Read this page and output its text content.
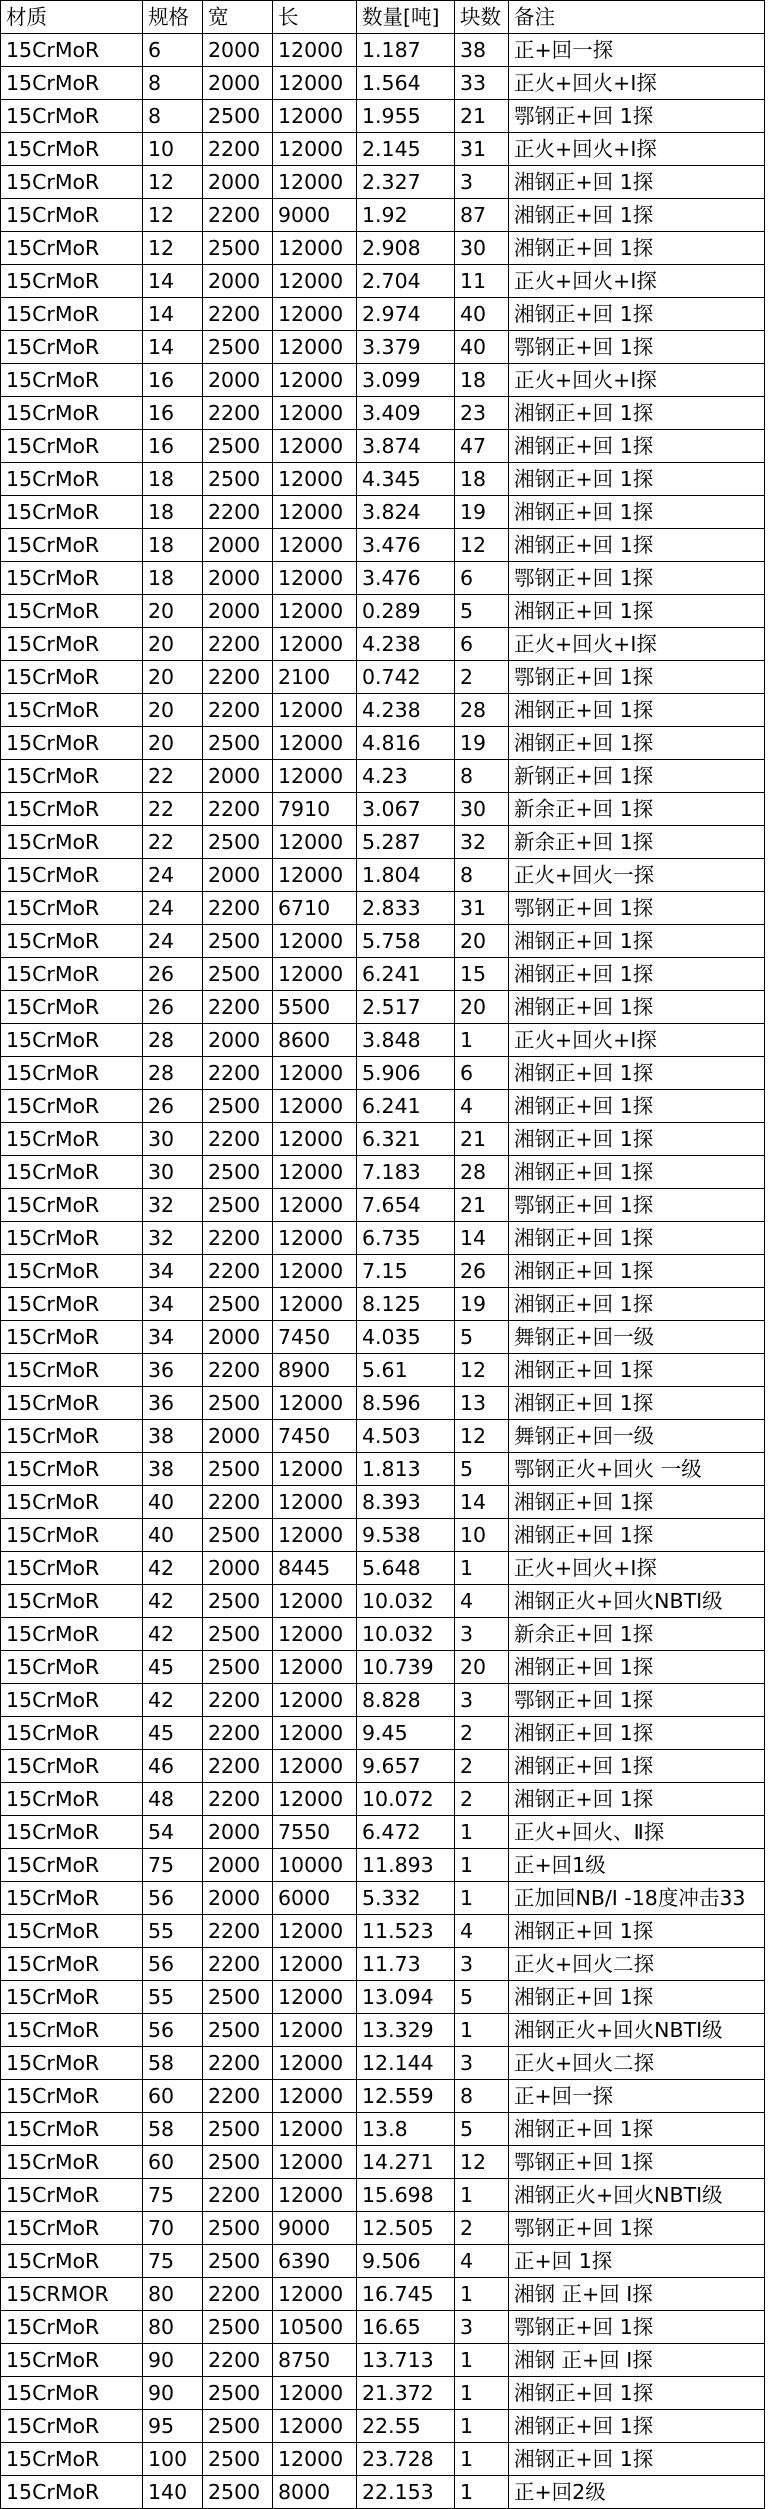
材质	规格	宽	长	数量[吨]	块数	备注
15CrMoR	6	2000	12000	1.187	38	正+回一探
15CrMoR	8	2000	12000	1.564	33	正火+回火+I探
15CrMoR	8	2500	12000	1.955	21	鄂钢正+回 1探
15CrMoR	10	2200	12000	2.145	31	正火+回火+I探
15CrMoR	12	2000	12000	2.327	3	湘钢正+回 1探
15CrMoR	12	2200	9000	1.92	87	湘钢正+回 1探
15CrMoR	12	2500	12000	2.908	30	湘钢正+回 1探
15CrMoR	14	2000	12000	2.704	11	正火+回火+I探
15CrMoR	14	2200	12000	2.974	40	湘钢正+回 1探
15CrMoR	14	2500	12000	3.379	40	鄂钢正+回 1探
15CrMoR	16	2000	12000	3.099	18	正火+回火+I探
15CrMoR	16	2200	12000	3.409	23	湘钢正+回 1探
15CrMoR	16	2500	12000	3.874	47	湘钢正+回 1探
15CrMoR	18	2500	12000	4.345	18	湘钢正+回 1探
15CrMoR	18	2200	12000	3.824	19	湘钢正+回 1探
15CrMoR	18	2000	12000	3.476	12	湘钢正+回 1探
15CrMoR	18	2000	12000	3.476	6	鄂钢正+回 1探
15CrMoR	20	2000	12000	0.289	5	湘钢正+回 1探
15CrMoR	20	2200	12000	4.238	6	正火+回火+I探
15CrMoR	20	2200	2100	0.742	2	鄂钢正+回 1探
15CrMoR	20	2200	12000	4.238	28	湘钢正+回 1探
15CrMoR	20	2500	12000	4.816	19	湘钢正+回 1探
15CrMoR	22	2000	12000	4.23	8	新钢正+回 1探
15CrMoR	22	2200	7910	3.067	30	新余正+回 1探
15CrMoR	22	2500	12000	5.287	32	新余正+回 1探
15CrMoR	24	2000	12000	1.804	8	正火+回火一探
15CrMoR	24	2200	6710	2.833	31	鄂钢正+回 1探
15CrMoR	24	2500	12000	5.758	20	湘钢正+回 1探
15CrMoR	26	2500	12000	6.241	15	湘钢正+回 1探
15CrMoR	26	2200	5500	2.517	20	湘钢正+回 1探
15CrMoR	28	2000	8600	3.848	1	正火+回火+I探
15CrMoR	28	2200	12000	5.906	6	湘钢正+回 1探
15CrMoR	26	2500	12000	6.241	4	湘钢正+回 1探
15CrMoR	30	2200	12000	6.321	21	湘钢正+回 1探
15CrMoR	30	2500	12000	7.183	28	湘钢正+回 1探
15CrMoR	32	2500	12000	7.654	21	鄂钢正+回 1探
15CrMoR	32	2200	12000	6.735	14	湘钢正+回 1探
15CrMoR	34	2200	12000	7.15	26	湘钢正+回 1探
15CrMoR	34	2500	12000	8.125	19	湘钢正+回 1探
15CrMoR	34	2000	7450	4.035	5	舞钢正+回一级
15CrMoR	36	2200	8900	5.61	12	湘钢正+回 1探
15CrMoR	36	2500	12000	8.596	13	湘钢正+回 1探
15CrMoR	38	2000	7450	4.503	12	舞钢正+回一级
15CrMoR	38	2500	12000	1.813	5	鄂钢正火+回火 一级
15CrMoR	40	2200	12000	8.393	14	湘钢正+回 1探
15CrMoR	40	2500	12000	9.538	10	湘钢正+回 1探
15CrMoR	42	2000	8445	5.648	1	正火+回火+I探
15CrMoR	42	2500	12000	10.032	4	湘钢正火+回火NBTⅠ级
15CrMoR	42	2500	12000	10.032	3	新余正+回 1探
15CrMoR	45	2500	12000	10.739	20	湘钢正+回 1探
15CrMoR	42	2200	12000	8.828	3	鄂钢正+回 1探
15CrMoR	45	2200	12000	9.45	2	湘钢正+回 1探
15CrMoR	46	2200	12000	9.657	2	湘钢正+回 1探
15CrMoR	48	2200	12000	10.072	2	湘钢正+回 1探
15CrMoR	54	2000	7550	6.472	1	正火+回火、Ⅱ探
15CrMoR	75	2000	10000	11.893	1	正+回1级
15CrMoR	56	2000	6000	5.332	1	正加回NB/I -18度冲击33
15CrMoR	55	2200	12000	11.523	4	湘钢正+回 1探
15CrMoR	56	2200	12000	11.73	3	正火+回火二探
15CrMoR	55	2500	12000	13.094	5	湘钢正+回 1探
15CrMoR	56	2500	12000	13.329	1	湘钢正火+回火NBTⅠ级
15CrMoR	58	2200	12000	12.144	3	正火+回火二探
15CrMoR	60	2200	12000	12.559	8	正+回一探
15CrMoR	58	2500	12000	13.8	5	湘钢正+回 1探
15CrMoR	60	2500	12000	14.271	12	鄂钢正+回 1探
15CrMoR	75	2200	12000	15.698	1	湘钢正火+回火NBTⅠ级
15CrMoR	70	2500	9000	12.505	2	鄂钢正+回 1探
15CrMoR	75	2500	6390	9.506	4	正+回 1探
15CRMOR	80	2200	12000	16.745	1	湘钢 正+回 I探
15CrMoR	80	2500	10500	16.65	3	鄂钢正+回 1探
15CrMoR	90	2200	8750	13.713	1	湘钢 正+回 I探
15CrMoR	90	2500	12000	21.372	1	湘钢正+回 1探
15CrMoR	95	2500	12000	22.55	1	湘钢正+回 1探
15CrMoR	100	2500	12000	23.728	1	湘钢正+回 1探
15CrMoR	140	2500	8000	22.153	1	正+回2级
